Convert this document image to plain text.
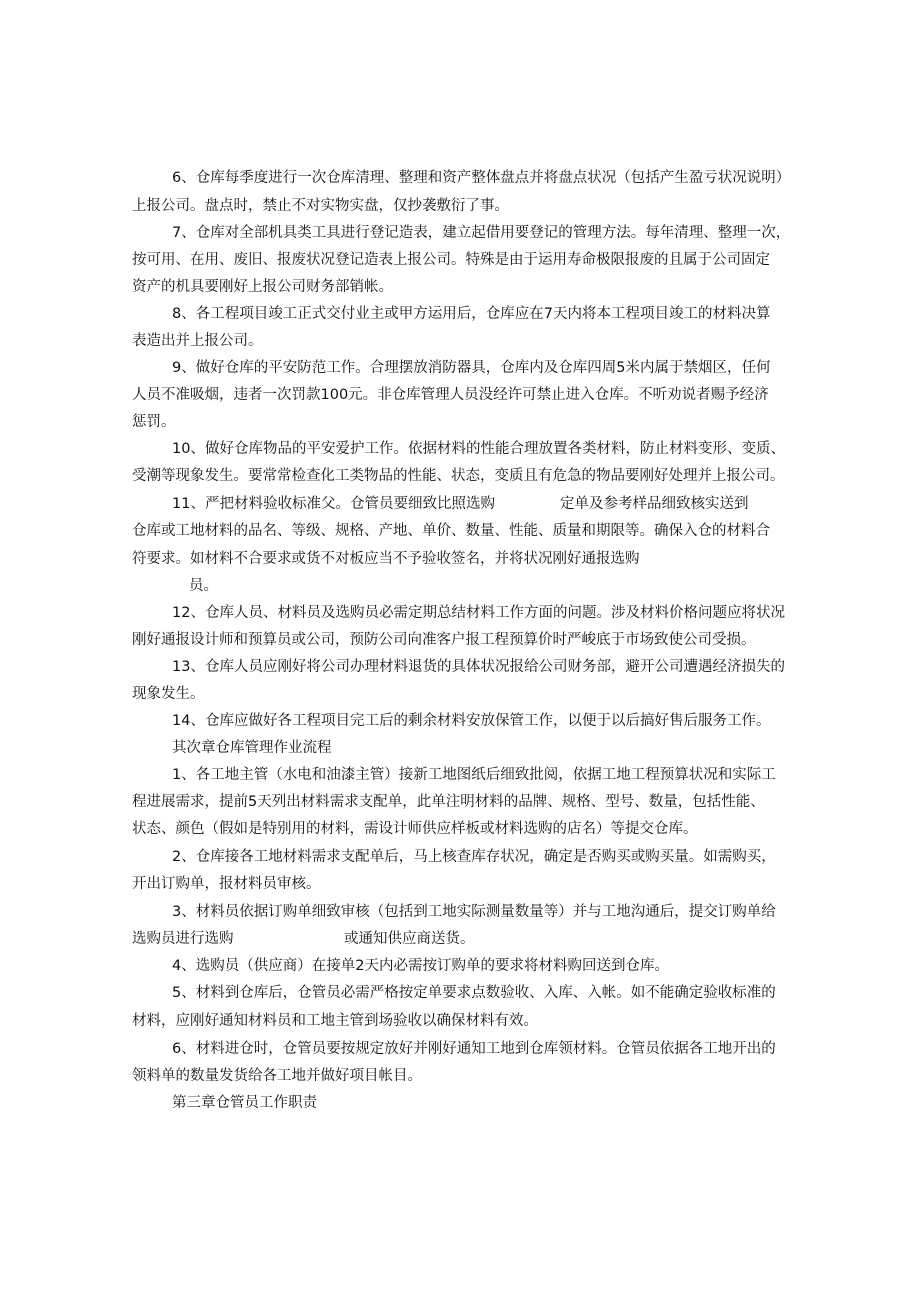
6、仓库每季度进行一次仓库清理、整理和资产整体盘点并将盘点状况（包括产生盈亏状况说明）
上报公司。盘点时，禁止不对实物实盘，仅抄袭敷衍了事。
7、仓库对全部机具类工具进行登记造表，建立起借用要登记的管理方法。每年清理、整理一次，
按可用、在用、废旧、报废状况登记造表上报公司。特殊是由于运用寿命极限报废的且属于公司固定
资产的机具要刚好上报公司财务部销帐。
8、各工程项目竣工正式交付业主或甲方运用后，仓库应在7天内将本工程项目竣工的材料决算
表造出并上报公司。
9、做好仓库的平安防范工作。合理摆放消防器具，仓库内及仓库四周5米内属于禁烟区，任何
人员不准吸烟，违者一次罚款100元。非仓库管理人员没经许可禁止进入仓库。不听劝说者赐予经济
惩罚。
10、做好仓库物品的平安爱护工作。依据材料的性能合理放置各类材料，防止材料变形、变质、
受潮等现象发生。要常常检查化工类物品的性能、状态，变质且有危急的物品要刚好处理并上报公司。
11、严把材料验收标准父。仓管员要细致比照选购	定单及参考样品细致核实送到
仓库或工地材料的品名、等级、规格、产地、单价、数量、性能、质量和期限等。确保入仓的材料合
符要求。如材料不合要求或货不对板应当不予验收签名，并将状况刚好通报选购
员。
12、仓库人员、材料员及选购员必需定期总结材料工作方面的问题。涉及材料价格问题应将状况
刚好通报设计师和预算员或公司，预防公司向准客户报工程预算价时严峻底于市场致使公司受损。
13、仓库人员应刚好将公司办理材料退货的具体状况报给公司财务部，避开公司遭遇经济损失的
现象发生。
14、仓库应做好各工程项目完工后的剩余材料安放保管工作，以便于以后搞好售后服务工作。
其次章仓库管理作业流程
1、各工地主管（水电和油漆主管）接新工地图纸后细致批阅，依据工地工程预算状况和实际工
程进展需求，提前5天列出材料需求支配单，此单注明材料的品牌、规格、型号、数量，包括性能、
状态、颜色（假如是特别用的材料，需设计师供应样板或材料选购的店名）等提交仓库。
2、仓库接各工地材料需求支配单后，马上核查库存状况，确定是否购买或购买量。如需购买，
开出订购单，报材料员审核。
3、材料员依据订购单细致审核（包括到工地实际测量数量等）并与工地沟通后，提交订购单给
选购员进行选购	或通知供应商送货。
4、选购员（供应商）在接单2天内必需按订购单的要求将材料购回送到仓库。
5、材料到仓库后，仓管员必需严格按定单要求点数验收、入库、入帐。如不能确定验收标准的
材料，应刚好通知材料员和工地主管到场验收以确保材料有效。
6、材料进仓时，仓管员要按规定放好并刚好通知工地到仓库领材料。仓管员依据各工地开出的
领料单的数量发货给各工地并做好项目帐目。
第三章仓管员工作职责
